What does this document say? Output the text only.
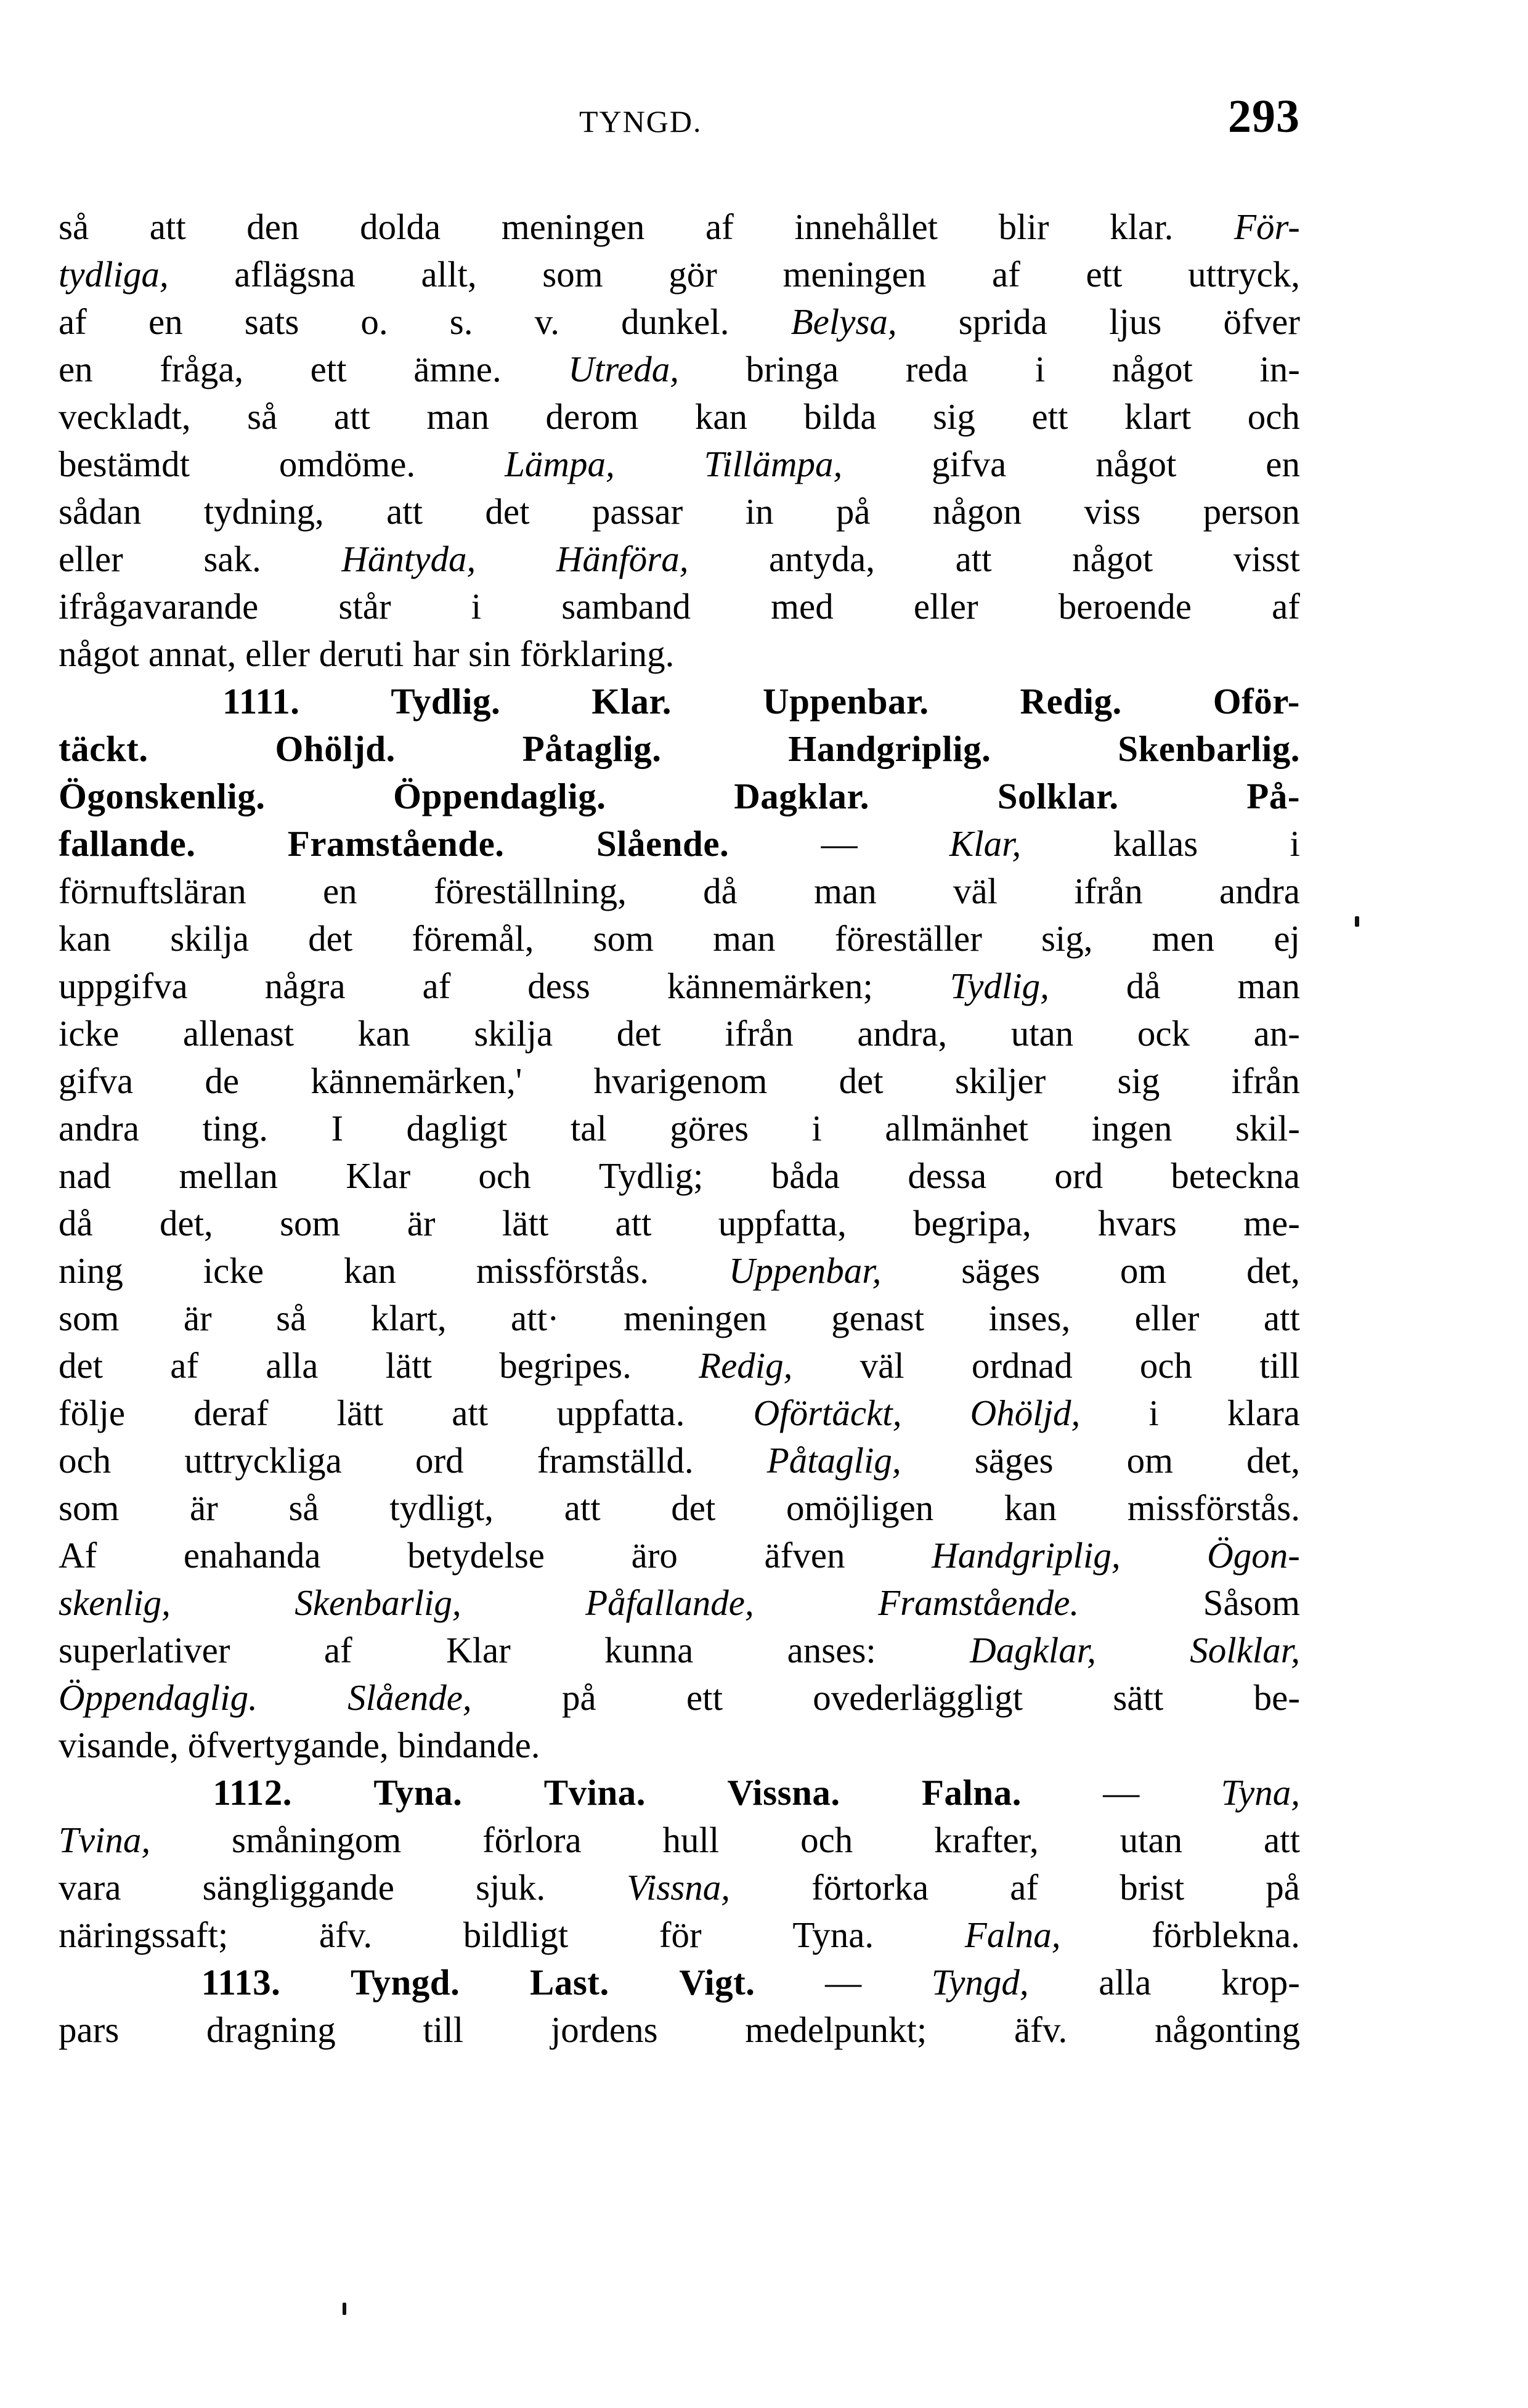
TYNGD.	293
så att den dolda meningen af innehållet blir klar. För-
tydliga, aflägsna allt, som gör meningen af ett uttryck,
af en sats o. s. v. dunkel. Belysa, sprida ljus öfver
en fråga, ett ämne. Utreda, bringa reda i något in-
veckladt, så att man derom kan bilda sig ett klart och
bestämdt omdöme. Lämpa, Tillämpa, gifva något en
sådan tydning, att det passar in på någon viss person
eller sak. Häntyda, Hänföra, antyda, att något visst
ifrågavarande står i samband med eller beroende af
något annat, eller deruti har sin förklaring.
1111.	Tydlig.	Klar.	Uppenbar.	Redig.	Oför-
täckt.	Ohöljd.	Påtaglig.	Handgriplig.	Skenbarlig.
Ögonskenlig.	Öppendaglig.	Dagklar.	Solklar.	På-
fallande.	Framstående.	Slående.	—	Klar,	kallas	i
förnuftsläran en föreställning, då man väl ifrån andra
kan skilja det föremål, som man föreställer sig, men ej
uppgifva några af dess kännemärken; Tydlig, då man
icke allenast kan skilja det ifrån andra, utan ock an-
gifva de kännemärken,' hvarigenom det skiljer sig ifrån
andra ting. I dagligt tal göres i allmänhet ingen skil-
nad mellan Klar och Tydlig; båda dessa ord beteckna
då det, som är lätt att uppfatta, begripa, hvars me-
ning icke kan missförstås. Uppenbar, säges om det,
som är så klart, att· meningen genast inses, eller att
det af alla lätt begripes. Redig, väl ordnad och till
följe deraf lätt att uppfatta. Oförtäckt, Ohöljd, i klara
och uttryckliga ord framställd. Påtaglig, säges om det,
som är så tydligt, att det omöjligen kan missförstås.
Af enahanda betydelse äro äfven Handgriplig, Ögon-
skenlig,	Skenbarlig,	Påfallande,	Framstående.	Såsom
superlativer	af	Klar	kunna	anses:	Dagklar,	Solklar,
Öppendaglig. Slående, på ett ovederläggligt sätt be-
visande, öfvertygande, bindande.
1112. Tyna. Tvina. Vissna. Falna. — Tyna,
Tvina, småningom förlora hull och krafter, utan att
vara sängliggande sjuk. Vissna, förtorka af brist på
näringssaft;	äfv.	bildligt	för	Tyna.	Falna,	förblekna.
1113. Tyngd. Last. Vigt. — Tyngd, alla krop-
pars dragning till jordens medelpunkt; äfv. någonting
